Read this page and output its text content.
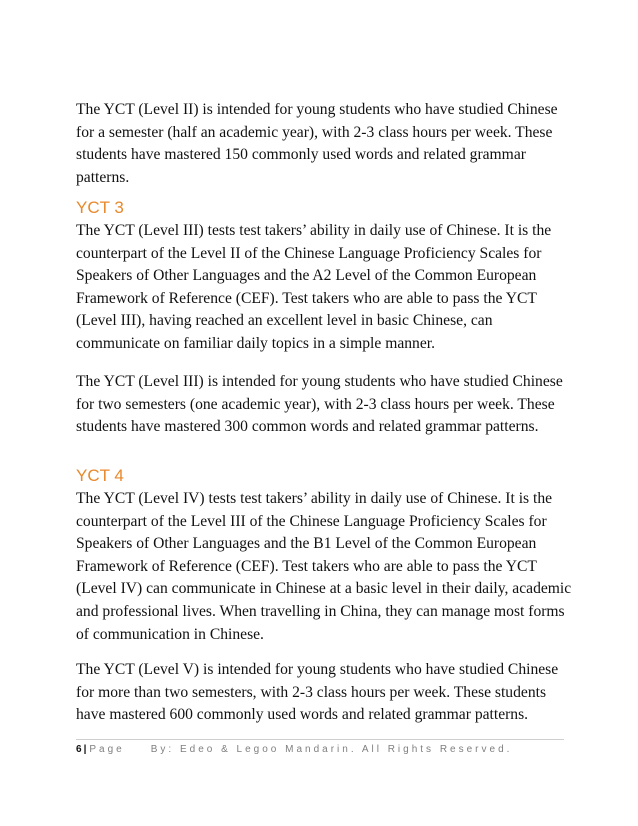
The YCT (Level II) is intended for young students who have studied Chinese for a semester (half an academic year), with 2-3 class hours per week. These students have mastered 150 commonly used words and related grammar patterns.

YCT 3

The YCT (Level III) tests test takers’ ability in daily use of Chinese. It is the counterpart of the Level II of the Chinese Language Proficiency Scales for Speakers of Other Languages and the A2 Level of the Common European Framework of Reference (CEF). Test takers who are able to pass the YCT (Level III), having reached an excellent level in basic Chinese, can communicate on familiar daily topics in a simple manner.

The YCT (Level III) is intended for young students who have studied Chinese for two semesters (one academic year), with 2-3 class hours per week. These students have mastered 300 common words and related grammar patterns.

YCT 4

The YCT (Level IV) tests test takers’ ability in daily use of Chinese. It is the counterpart of the Level III of the Chinese Language Proficiency Scales for Speakers of Other Languages and the B1 Level of the Common European Framework of Reference (CEF). Test takers who are able to pass the YCT (Level IV) can communicate in Chinese at a basic level in their daily, academic and professional lives. When travelling in China, they can manage most forms of communication in Chinese.

The YCT (Level V) is intended for young students who have studied Chinese for more than two semesters, with 2-3 class hours per week. These students have mastered 600 commonly used words and related grammar patterns.

6 | Page	By: Edeo & Legoo Mandarin. All Rights Reserved.
